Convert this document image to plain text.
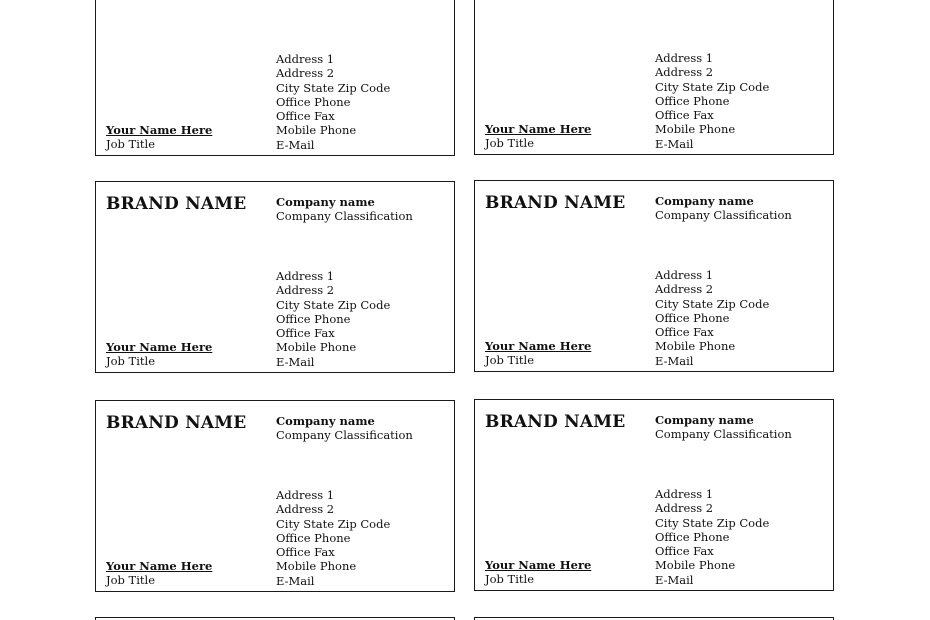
Address 1
Address 2
City State Zip Code
Office Phone
Office Fax
Mobile Phone
E-Mail
Your Name Here
Job Title
Address 1
Address 2
City State Zip Code
Office Phone
Office Fax
Mobile Phone
E-Mail
Your Name Here
Job Title
BRAND NAME	Company name
Company Classification
Address 1
Address 2
City State Zip Code
Office Phone
Office Fax
Mobile Phone
E-Mail
Your Name Here
Job Title
BRAND NAME	Company name
Company Classification
Address 1
Address 2
City State Zip Code
Office Phone
Office Fax
Mobile Phone
E-Mail
Your Name Here
Job Title
BRAND NAME	Company name
Company Classification
Address 1
Address 2
City State Zip Code
Office Phone
Office Fax
Mobile Phone
E-Mail
Your Name Here
Job Title
BRAND NAME	Company name
Company Classification
Address 1
Address 2
City State Zip Code
Office Phone
Office Fax
Mobile Phone
E-Mail
Your Name Here
Job Title
